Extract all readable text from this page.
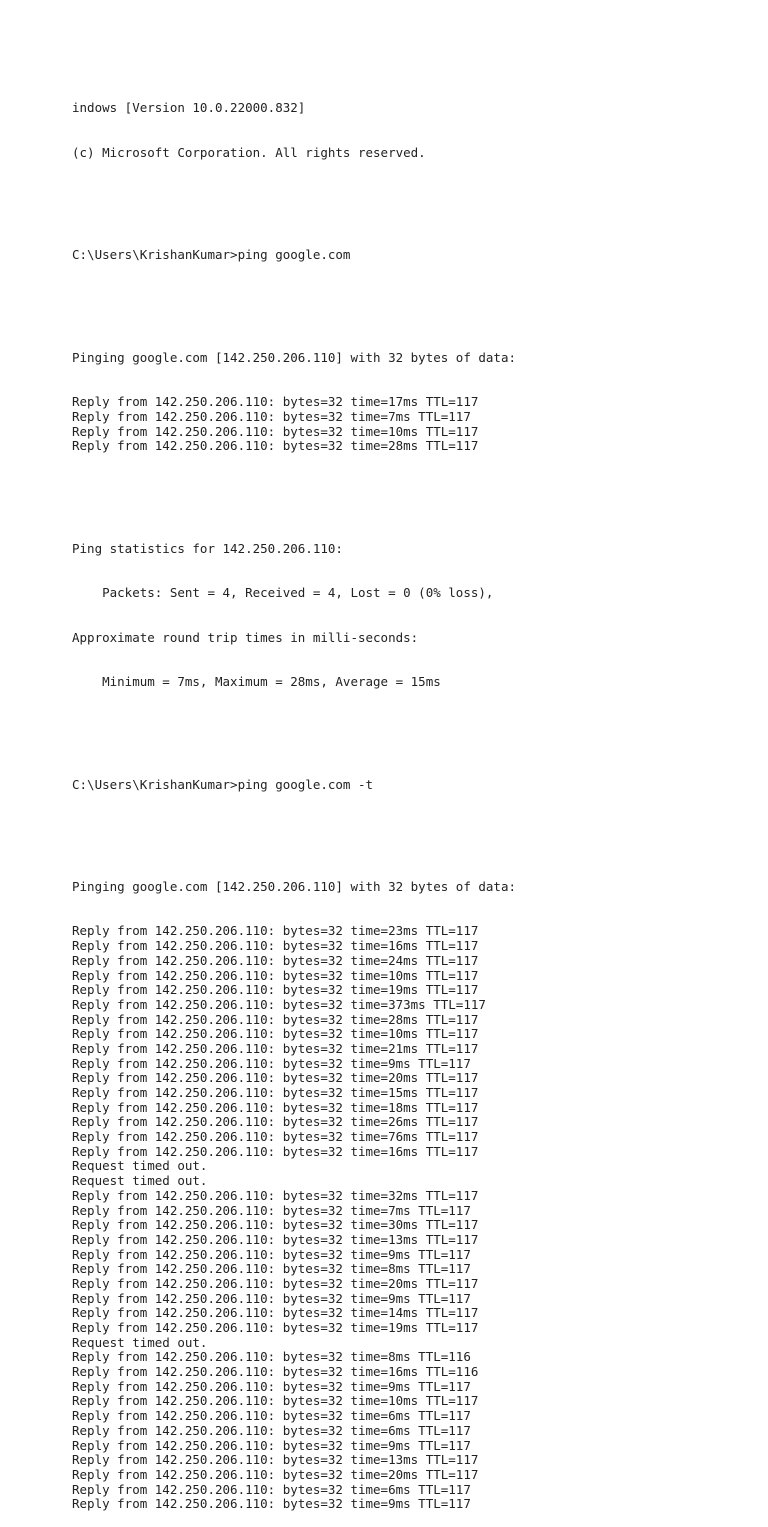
indows [Version 10.0.22000.832]

(c) Microsoft Corporation. All rights reserved.

C:\Users\KrishanKumar>ping google.com

Pinging google.com [142.250.206.110] with 32 bytes of data:

Reply from 142.250.206.110: bytes=32 time=17ms TTL=117
Reply from 142.250.206.110: bytes=32 time=7ms TTL=117
Reply from 142.250.206.110: bytes=32 time=10ms TTL=117
Reply from 142.250.206.110: bytes=32 time=28ms TTL=117

Ping statistics for 142.250.206.110:

Packets: Sent = 4, Received = 4, Lost = 0 (0% loss),

Approximate round trip times in milli-seconds:

Minimum = 7ms, Maximum = 28ms, Average = 15ms

C:\Users\KrishanKumar>ping google.com -t

Pinging google.com [142.250.206.110] with 32 bytes of data:

Reply from 142.250.206.110: bytes=32 time=23ms TTL=117
Reply from 142.250.206.110: bytes=32 time=16ms TTL=117
Reply from 142.250.206.110: bytes=32 time=24ms TTL=117
Reply from 142.250.206.110: bytes=32 time=10ms TTL=117
Reply from 142.250.206.110: bytes=32 time=19ms TTL=117
Reply from 142.250.206.110: bytes=32 time=373ms TTL=117
Reply from 142.250.206.110: bytes=32 time=28ms TTL=117
Reply from 142.250.206.110: bytes=32 time=10ms TTL=117
Reply from 142.250.206.110: bytes=32 time=21ms TTL=117
Reply from 142.250.206.110: bytes=32 time=9ms TTL=117
Reply from 142.250.206.110: bytes=32 time=20ms TTL=117
Reply from 142.250.206.110: bytes=32 time=15ms TTL=117
Reply from 142.250.206.110: bytes=32 time=18ms TTL=117
Reply from 142.250.206.110: bytes=32 time=26ms TTL=117
Reply from 142.250.206.110: bytes=32 time=76ms TTL=117
Reply from 142.250.206.110: bytes=32 time=16ms TTL=117
Request timed out.
Request timed out.
Reply from 142.250.206.110: bytes=32 time=32ms TTL=117
Reply from 142.250.206.110: bytes=32 time=7ms TTL=117
Reply from 142.250.206.110: bytes=32 time=30ms TTL=117
Reply from 142.250.206.110: bytes=32 time=13ms TTL=117
Reply from 142.250.206.110: bytes=32 time=9ms TTL=117
Reply from 142.250.206.110: bytes=32 time=8ms TTL=117
Reply from 142.250.206.110: bytes=32 time=20ms TTL=117
Reply from 142.250.206.110: bytes=32 time=9ms TTL=117
Reply from 142.250.206.110: bytes=32 time=14ms TTL=117
Reply from 142.250.206.110: bytes=32 time=19ms TTL=117
Request timed out.
Reply from 142.250.206.110: bytes=32 time=8ms TTL=116
Reply from 142.250.206.110: bytes=32 time=16ms TTL=116
Reply from 142.250.206.110: bytes=32 time=9ms TTL=117
Reply from 142.250.206.110: bytes=32 time=10ms TTL=117
Reply from 142.250.206.110: bytes=32 time=6ms TTL=117
Reply from 142.250.206.110: bytes=32 time=6ms TTL=117
Reply from 142.250.206.110: bytes=32 time=9ms TTL=117
Reply from 142.250.206.110: bytes=32 time=13ms TTL=117
Reply from 142.250.206.110: bytes=32 time=20ms TTL=117
Reply from 142.250.206.110: bytes=32 time=6ms TTL=117
Reply from 142.250.206.110: bytes=32 time=9ms TTL=117
